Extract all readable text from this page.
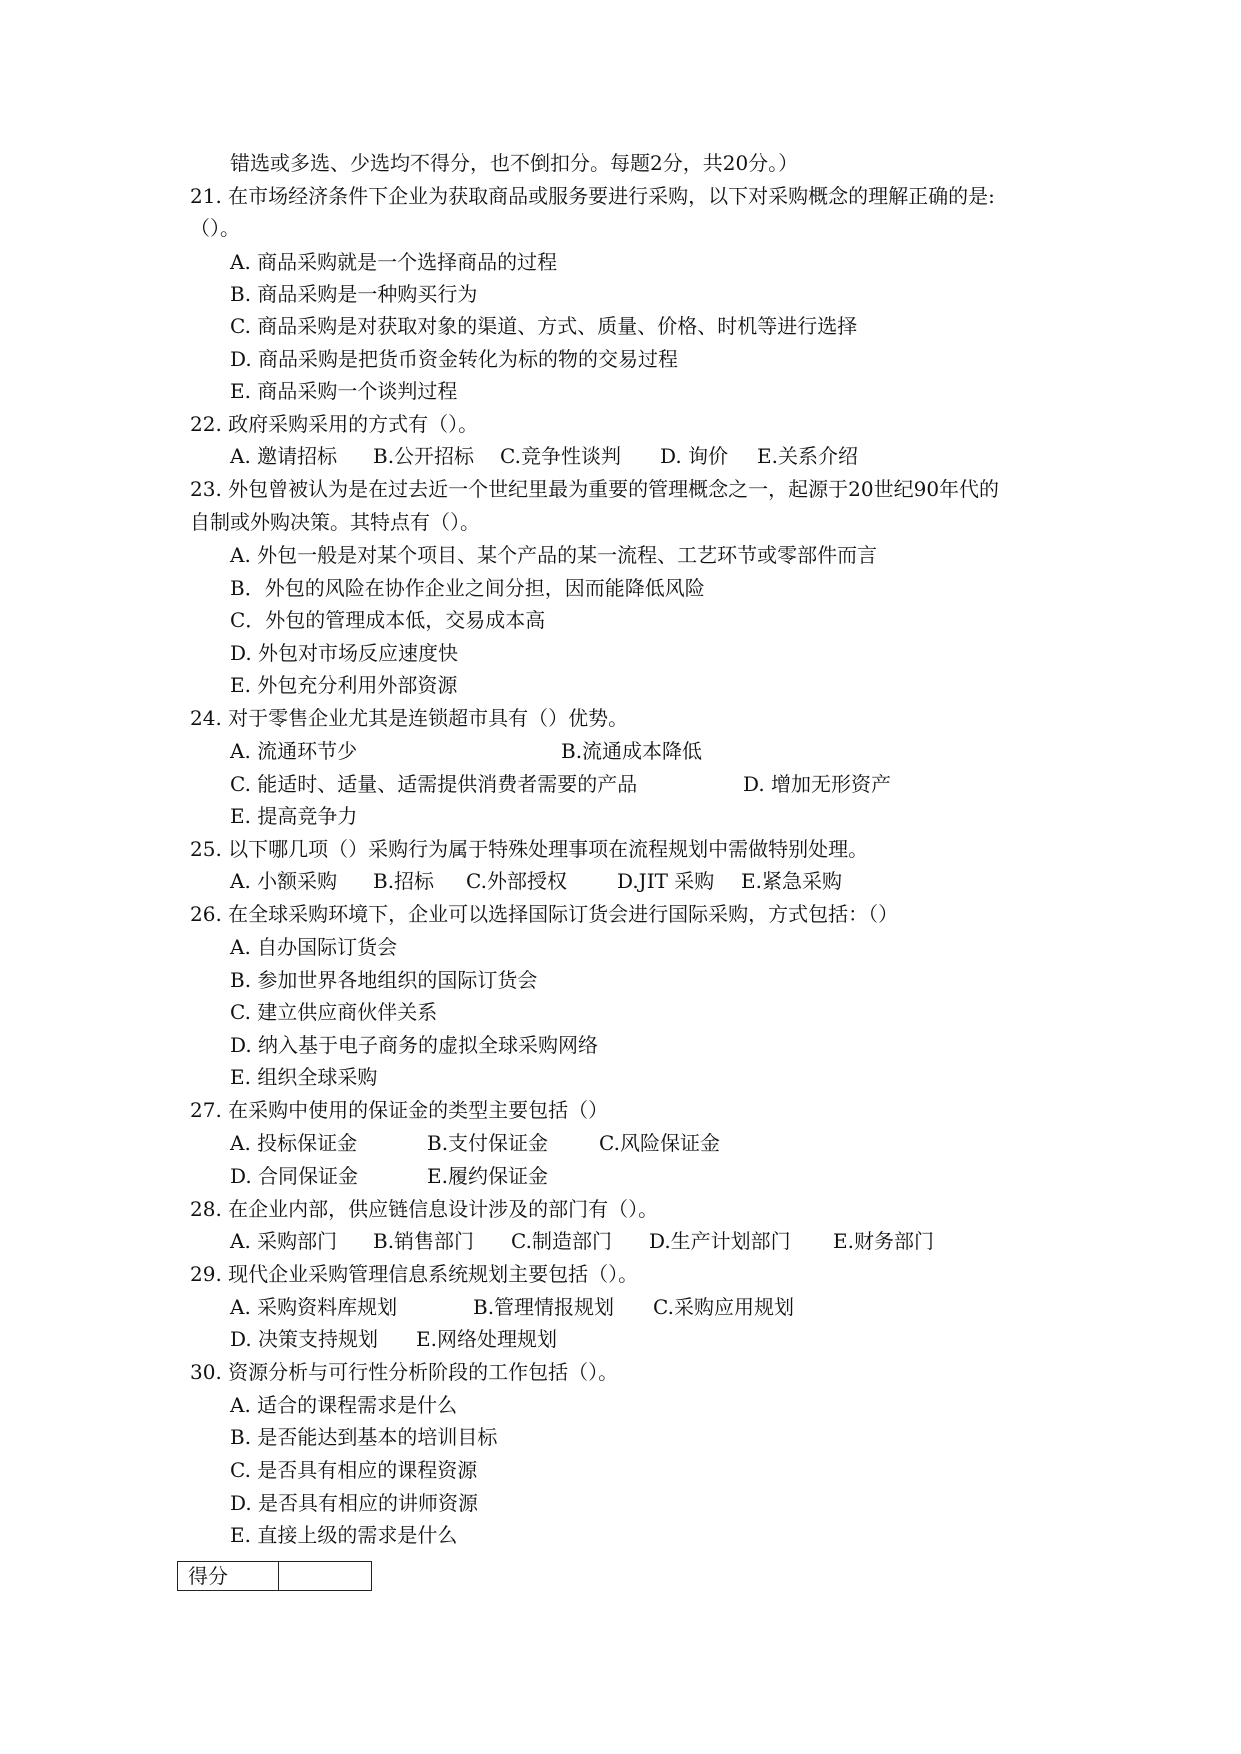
错选或多选、少选均不得分，也不倒扣分。每题2分，共20分。）
21. 在市场经济条件下企业为获取商品或服务要进行采购，以下对采购概念的理解正确的是:
（）。
A. 商品采购就是一个选择商品的过程
B. 商品采购是一种购买行为
C. 商品采购是对获取对象的渠道、方式、质量、价格、时机等进行选择
D. 商品采购是把货币资金转化为标的物的交易过程
E. 商品采购一个谈判过程
22. 政府采购采用的方式有（）。
A. 邀请招标 B.公开招标 C.竞争性谈判 D. 询价 E.关系介绍
23. 外包曾被认为是在过去近一个世纪里最为重要的管理概念之一，起源于20世纪90年代的
自制或外购决策。其特点有（）。
A. 外包一般是对某个项目、某个产品的某一流程、工艺环节或零部件而言
B．外包的风险在协作企业之间分担，因而能降低风险
C．外包的管理成本低，交易成本高
D. 外包对市场反应速度快
E. 外包充分利用外部资源
24. 对于零售企业尤其是连锁超市具有（）优势。
A. 流通环节少	B.流通成本降低
C. 能适时、适量、适需提供消费者需要的产品	D. 增加无形资产
E. 提高竞争力
25. 以下哪几项（）采购行为属于特殊处理事项在流程规划中需做特别处理。
A. 小额采购 B.招标 C.外部授权	D.JIT 采购 E.紧急采购
26. 在全球采购环境下，企业可以选择国际订货会进行国际采购，方式包括：（）
A. 自办国际订货会
B. 参加世界各地组织的国际订货会
C. 建立供应商伙伴关系
D. 纳入基于电子商务的虚拟全球采购网络
E. 组织全球采购
27. 在采购中使用的保证金的类型主要包括（）
A. 投标保证金	B.支付保证金	C.风险保证金
D. 合同保证金	E.履约保证金
28. 在企业内部，供应链信息设计涉及的部门有（）。
A. 采购部门 B.销售部门 C.制造部门 D.生产计划部门 E.财务部门
29. 现代企业采购管理信息系统规划主要包括（）。
A. 采购资料库规划	B.管理情报规划 C.采购应用规划
D. 决策支持规划 E.网络处理规划
30. 资源分析与可行性分析阶段的工作包括（）。
A. 适合的课程需求是什么
B. 是否能达到基本的培训目标
C. 是否具有相应的课程资源
D. 是否具有相应的讲师资源
E. 直接上级的需求是什么
得分	
